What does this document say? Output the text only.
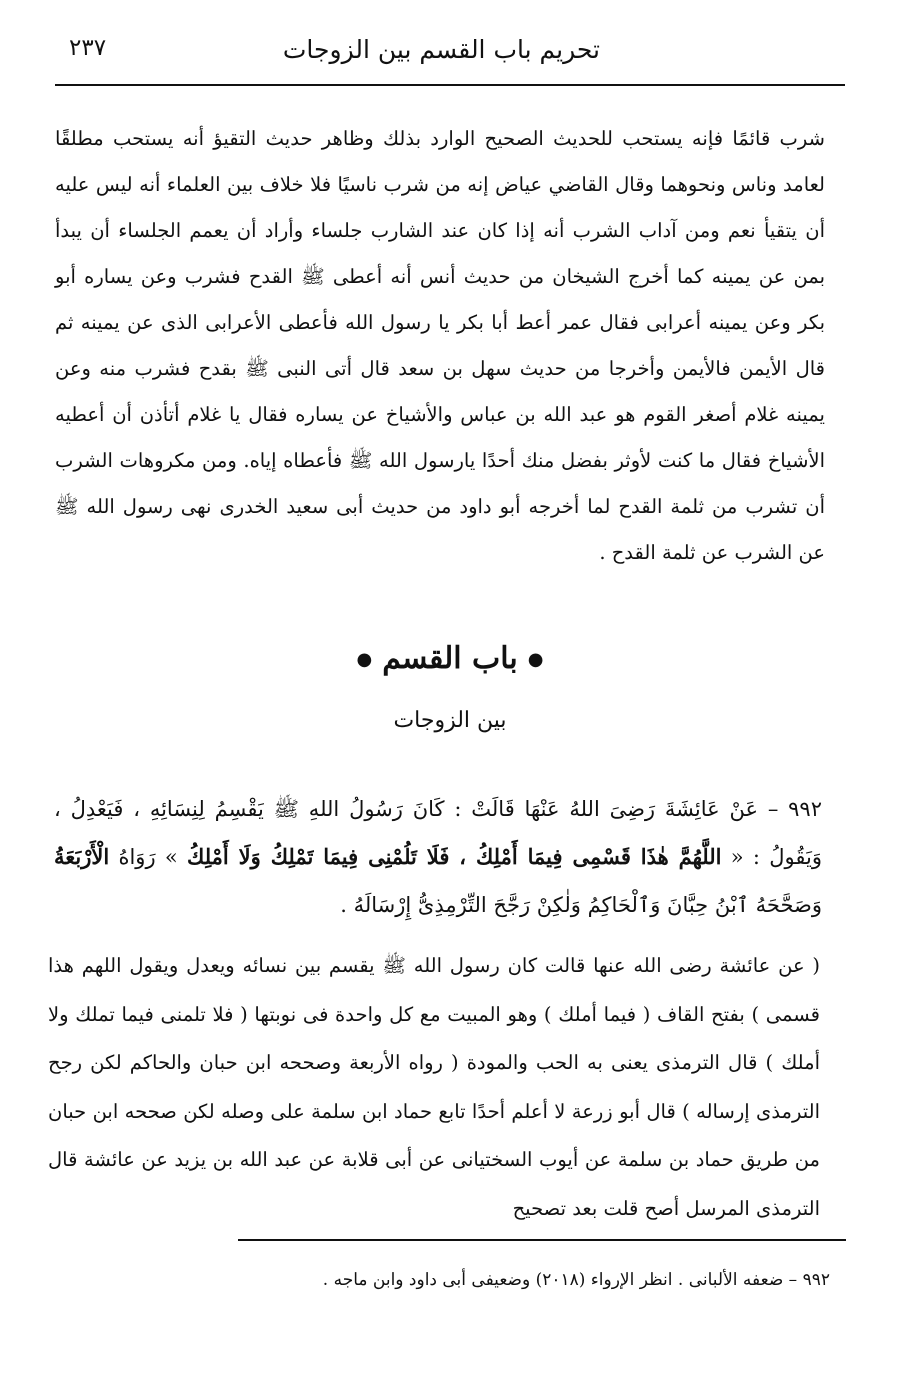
تحريم باب القسم بين الزوجات
٢٣٧
شرب قائمًا فإنه يستحب للحديث الصحيح الوارد بذلك وظاهر حديث التقيؤ أنه يستحب مطلقًا لعامد وناس ونحوهما وقال القاضي عياض إنه من شرب ناسيًا فلا خلاف بين العلماء أنه ليس عليه أن يتقيأ نعم ومن آداب الشرب أنه إذا كان عند الشارب جلساء وأراد أن يعمم الجلساء أن يبدأ بمن عن يمينه كما أخرج الشيخان من حديث أنس أنه أعطى ﷺ القدح فشرب وعن يساره أبو بكر وعن يمينه أعرابى فقال عمر أعط أبا بكر يا رسول الله فأعطى الأعرابى الذى عن يمينه ثم قال الأيمن فالأيمن وأخرجا من حديث سهل بن سعد قال أتى النبى ﷺ بقدح فشرب منه وعن يمينه غلام أصغر القوم هو عبد الله بن عباس والأشياخ عن يساره فقال يا غلام أتأذن أن أعطيه الأشياخ فقال ما كنت لأوثر بفضل منك أحدًا يارسول الله ﷺ فأعطاه إياه. ومن مكروهات الشرب أن تشرب من ثلمة القدح لما أخرجه أبو داود من حديث أبى سعيد الخدرى نهى رسول الله ﷺ عن الشرب عن ثلمة القدح .
●باب القسم●
بين الزوجات
٩٩٢ – عَنْ عَائِشَةَ رَضِىَ اللهُ عَنْهَا قَالَتْ : كَانَ رَسُولُ اللهِ ﷺ يَقْسِمُ لِنِسَائِهِ ، فَيَعْدِلُ ، وَيَقُولُ : « اللَّهُمَّ هٰذَا قَسْمِى فِيمَا أَمْلِكُ ، فَلَا تَلُمْنِى فِيمَا تَمْلِكُ وَلَا أَمْلِكُ » رَوَاهُ الْأَرْبَعَةُ وَصَحَّحَهُ ٱبْنُ حِبَّانَ وَٱلْحَاكِمُ وَلٰكِنْ رَجَّحَ التِّرْمِذِىُّ إِرْسَالَهُ .
( عن عائشة رضى الله عنها قالت كان رسول الله ﷺ يقسم بين نسائه ويعدل ويقول اللهم هذا قسمى ) بفتح القاف ( فيما أملك ) وهو المبيت مع كل واحدة فى نوبتها ( فلا تلمنى فيما تملك ولا أملك ) قال الترمذى يعنى به الحب والمودة ( رواه الأربعة وصححه ابن حبان والحاكم لكن رجح الترمذى إرساله ) قال أبو زرعة لا أعلم أحدًا تابع حماد ابن سلمة على وصله لكن صححه ابن حبان من طريق حماد بن سلمة عن أيوب السختيانى عن أبى قلابة عن عبد الله بن يزيد عن عائشة قال الترمذى المرسل أصح قلت بعد تصحيح
٩٩٢ – ضعفه الألبانى . انظر الإرواء (٢٠١٨) وضعيفى أبى داود وابن ماجه .
